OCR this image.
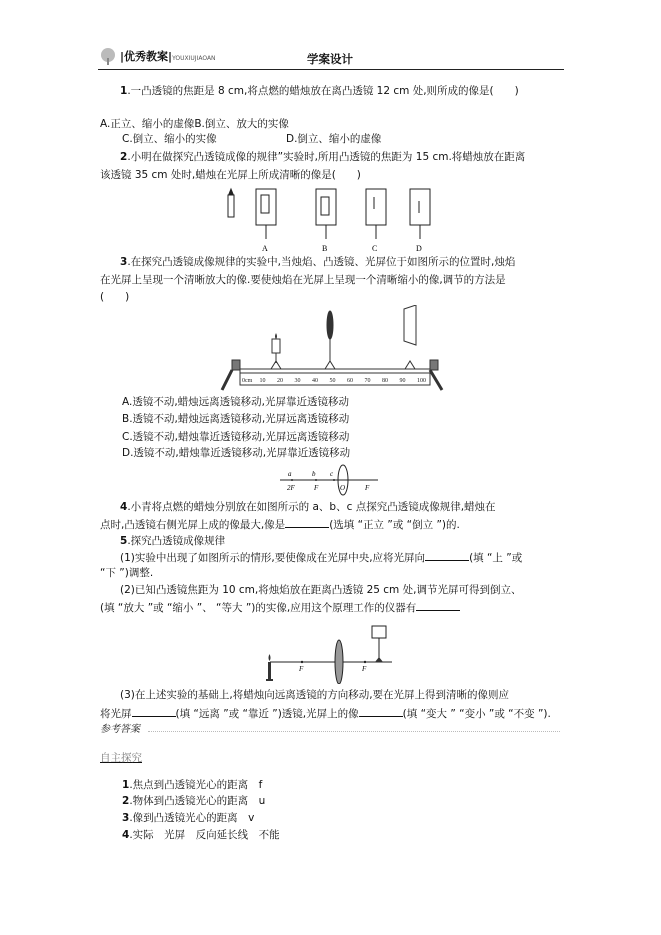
|优秀教案|YOUXIUJIAOAN	学案设计
1.一凸透镜的焦距是 8 cm,将点燃的蜡烛放在离凸透镜 12 cm 处,则所成的像是(　　)
A.正立、缩小的虚像B.倒立、放大的实像
C.倒立、缩小的实像	D.倒立、缩小的虚像
2.小明在做探究凸透镜成像的规律”实验时,所用凸透镜的焦距为 15 cm.将蜡烛放在距离
该透镜 35 cm 处时,蜡烛在光屏上所成清晰的像是(　　)
A	B	C	D
3.在探究凸透镜成像规律的实验中,当烛焰、凸透镜、光屏位于如图所示的位置时,烛焰
在光屏上呈现一个清晰放大的像.要使烛焰在光屏上呈现一个清晰缩小的像,调节的方法是
(　　)
0cm 10 20 30 40 50 60 70 80 90 100
A.透镜不动,蜡烛远离透镜移动,光屏靠近透镜移动
B.透镜不动,蜡烛远离透镜移动,光屏远离透镜移动
C.透镜不动,蜡烛靠近透镜移动,光屏远离透镜移动
D.透镜不动,蜡烛靠近透镜移动,光屏靠近透镜移动
a	b c
2F	F	O	F
4.小青将点燃的蜡烛分别放在如图所示的 a、b、c 点探究凸透镜成像规律,蜡烛在
点时,凸透镜右侧光屏上成的像最大,像是	(选填 “正立 ”或 “倒立 ”)的.
5.探究凸透镜成像规律
(1)实验中出现了如图所示的情形,要使像成在光屏中央,应将光屏向	(填 “上 ”或
“下 ”)调整.
(2)已知凸透镜焦距为 10 cm,将烛焰放在距离凸透镜 25 cm 处,调节光屏可得到倒立、
(填 “放大 ”或 “缩小 ”、 “等大 ”)的实像,应用这个原理工作的仪器有
F	F
(3)在上述实验的基础上,将蜡烛向远离透镜的方向移动,要在光屏上得到清晰的像则应
将光屏	(填 “远离 ”或 “靠近 ”)透镜,光屏上的像	(填 “变大 ” “变小 ”或 “不变 ”).
参考答案
自主探究
1.焦点到凸透镜光心的距离　f
2.物体到凸透镜光心的距离　u
3.像到凸透镜光心的距离　v
4.实际　光屏　反向延长线　不能
